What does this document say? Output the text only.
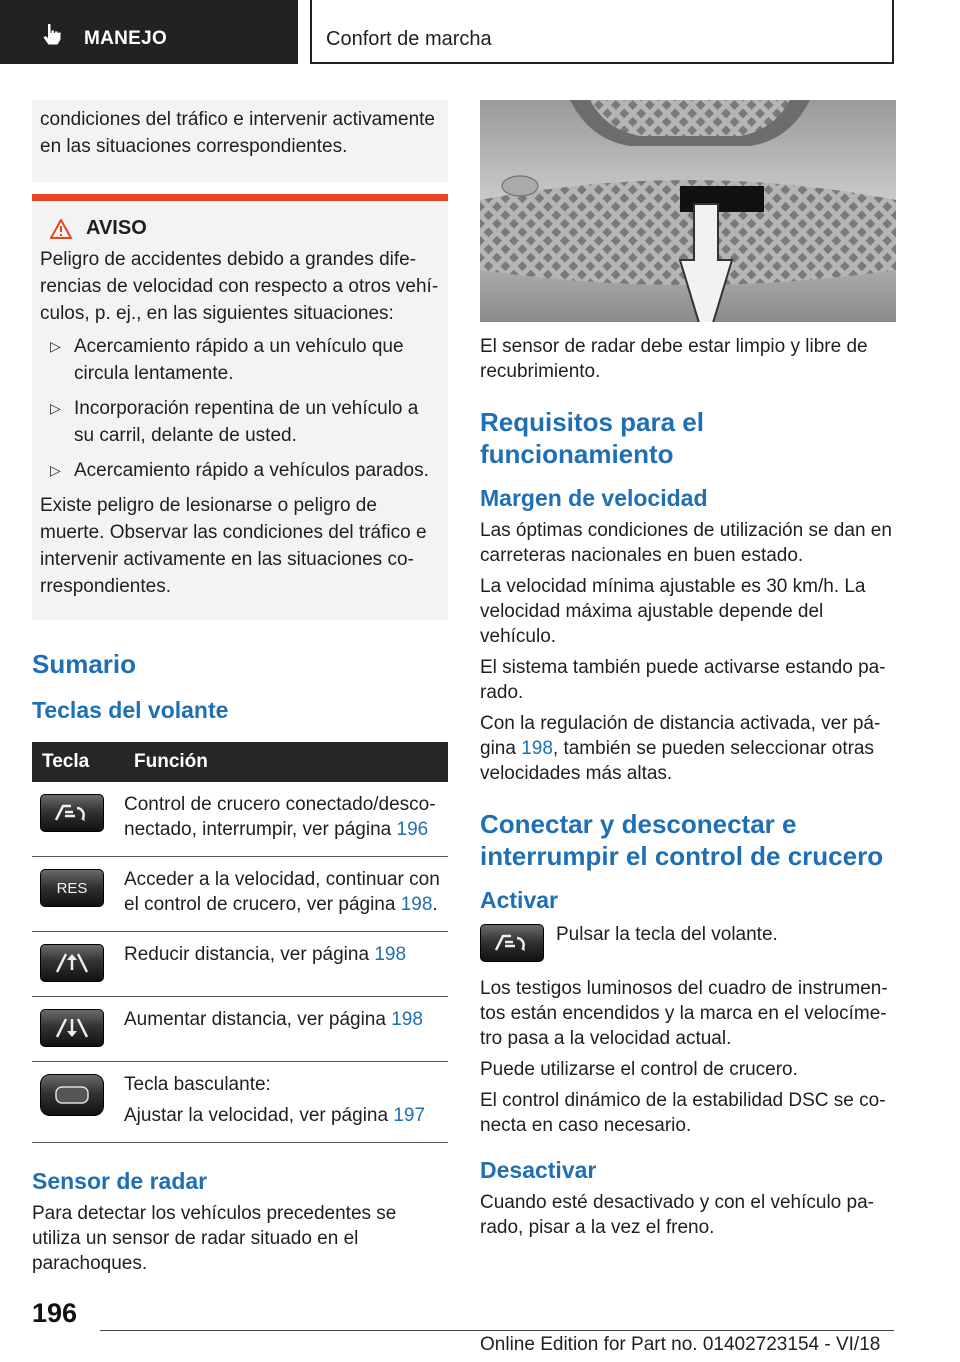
MANEJO	Confort de marcha
condiciones del tráfico e intervenir activamente en las situaciones correspondientes.
AVISO

Peligro de accidentes debido a grandes diferencias de velocidad con respecto a otros vehículos, p. ej., en las siguientes situaciones:

▷ Acercamiento rápido a un vehículo que circula lentamente.
▷ Incorporación repentina de un vehículo a su carril, delante de usted.
▷ Acercamiento rápido a vehículos parados.

Existe peligro de lesionarse o peligro de muerte. Observar las condiciones del tráfico e intervenir activamente en las situaciones correspondientes.

Sumario
Teclas del volante
Tecla	Función

	Control de crucero conectado/desconectado, interrumpir, ver página 196

RES	Acceder a la velocidad, continuar con el control de crucero, ver página 198.

	Reducir distancia, ver página 198

	Aumentar distancia, ver página 198

Tecla basculante:
Ajustar la velocidad, ver página 197
Sensor de radar

Para detectar los vehículos precedentes se utiliza un sensor de radar situado en el parachoques.

El sensor de radar debe estar limpio y libre de recubrimiento.

Requisitos para el funcionamiento
Margen de velocidad

Las óptimas condiciones de utilización se dan en carreteras nacionales en buen estado.

La velocidad mínima ajustable es 30 km/h. La velocidad máxima ajustable depende del vehículo.

El sistema también puede activarse estando parado.

Con la regulación de distancia activada, ver página 198, también se pueden seleccionar otras velocidades más altas.

Conectar y desconectar e interrumpir el control de crucero
Activar
Pulsar la tecla del volante.

Los testigos luminosos del cuadro de instrumentos están encendidos y la marca en el velocímetro pasa a la velocidad actual.

Puede utilizarse el control de crucero.

El control dinámico de la estabilidad DSC se conecta en caso necesario.

Desactivar

Cuando esté desactivado y con el vehículo parado, pisar a la vez el freno.

196
Online Edition for Part no. 01402723154 - VI/18
